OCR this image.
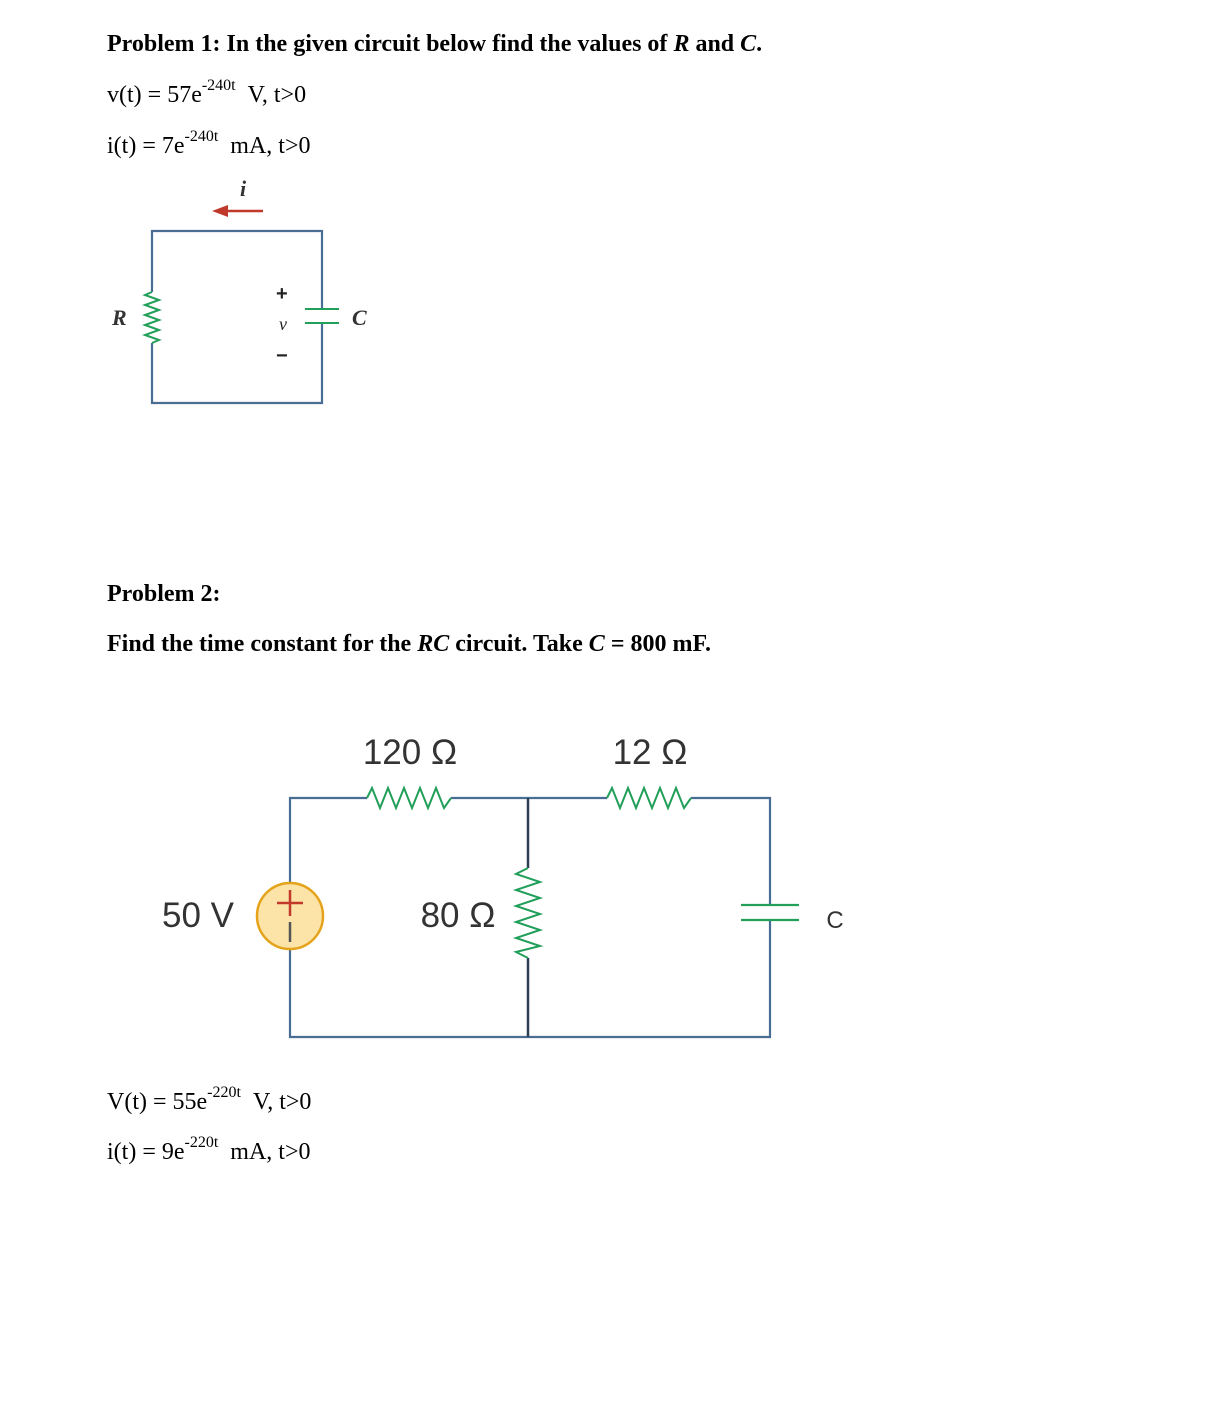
Problem 1: In the given circuit below find the values of R and C.
$v(t) = 57e^{-240t}$ V, t>0
$i(t) = 7e^{-240t}$ mA, t>0
Problem 2:
Find the time constant for the RC circuit. Take C = 800 mF.
$V(t) = 55e^{-220t}$ V, t>0
$i(t) = 9e^{-220t}$ mA, t>0
i
R	C
+
v
−
120 Ω	12 Ω
80 Ω
50 V	C
